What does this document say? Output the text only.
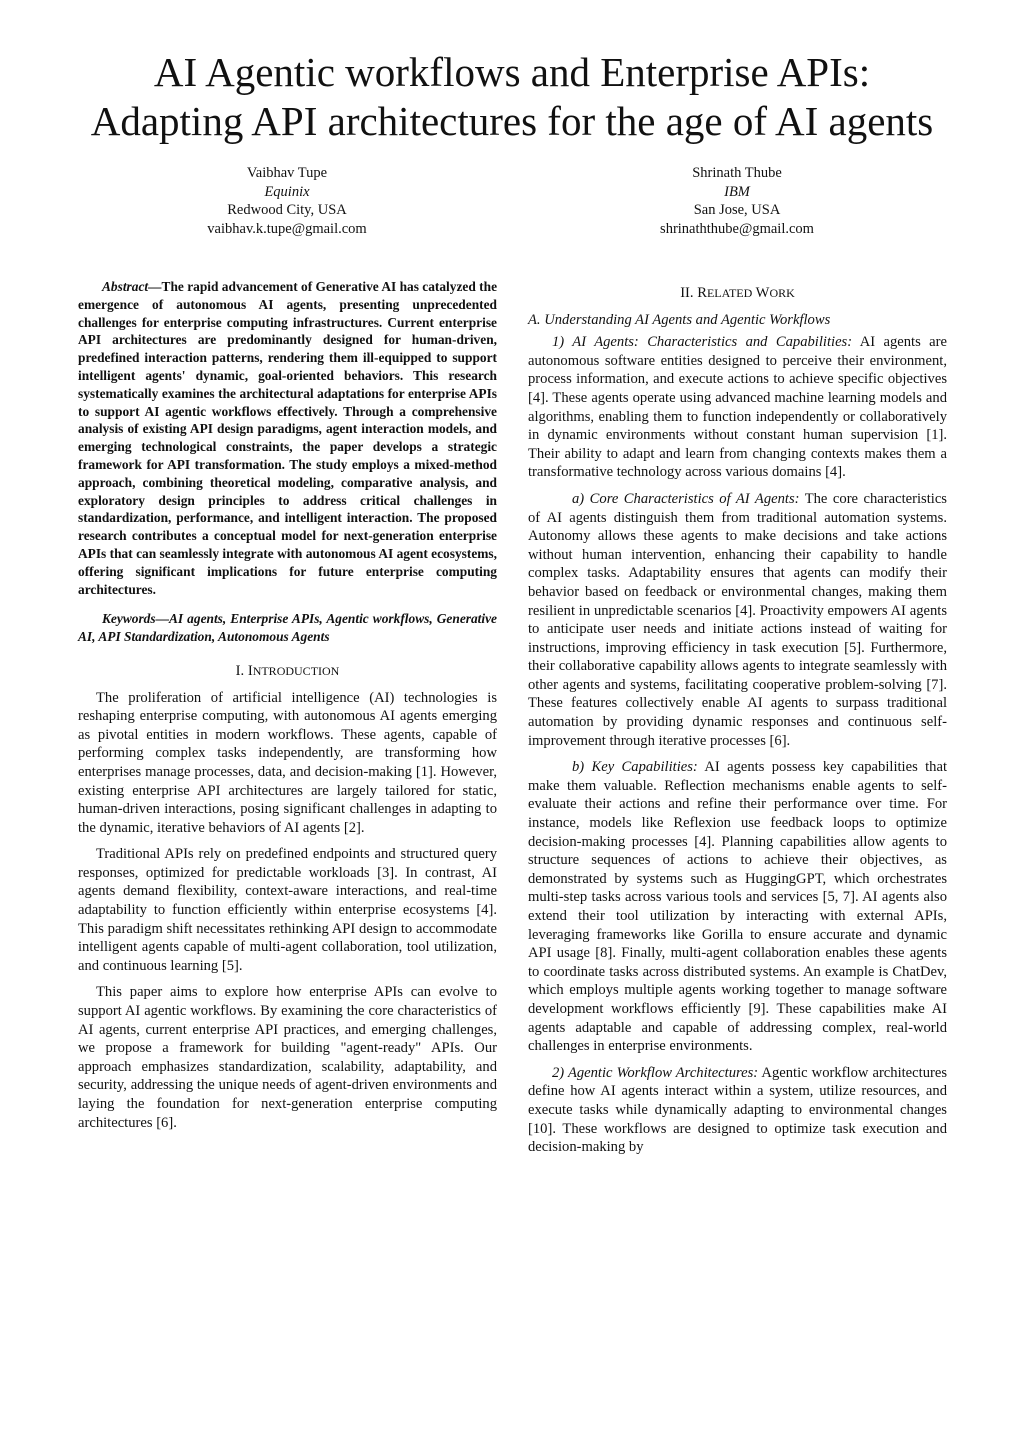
AI Agentic workflows and Enterprise APIs:
Adapting API architectures for the age of AI agents
Vaibhav Tupe
Equinix
Redwood City, USA
vaibhav.k.tupe@gmail.com
Shrinath Thube
IBM
San Jose, USA
shrinaththube@gmail.com

Abstract—The rapid advancement of Generative AI has catalyzed the emergence of autonomous AI agents, presenting unprecedented challenges for enterprise computing infrastructures. Current enterprise API architectures are predominantly designed for human-driven, predefined interaction patterns, rendering them ill-equipped to support intelligent agents' dynamic, goal-oriented behaviors. This research systematically examines the architectural adaptations for enterprise APIs to support AI agentic workflows effectively. Through a comprehensive analysis of existing API design paradigms, agent interaction models, and emerging technological constraints, the paper develops a strategic framework for API transformation. The study employs a mixed-method approach, combining theoretical modeling, comparative analysis, and exploratory design principles to address critical challenges in standardization, performance, and intelligent interaction. The proposed research contributes a conceptual model for next-generation enterprise APIs that can seamlessly integrate with autonomous AI agent ecosystems, offering significant implications for future enterprise computing architectures.

Keywords—AI agents, Enterprise APIs, Agentic workflows, Generative AI, API Standardization, Autonomous Agents

I. INTRODUCTION

The proliferation of artificial intelligence (AI) technologies is reshaping enterprise computing, with autonomous AI agents emerging as pivotal entities in modern workflows. These agents, capable of performing complex tasks independently, are transforming how enterprises manage processes, data, and decision-making [1]. However, existing enterprise API architectures are largely tailored for static, human-driven interactions, posing significant challenges in adapting to the dynamic, iterative behaviors of AI agents [2].

Traditional APIs rely on predefined endpoints and structured query responses, optimized for predictable workloads [3]. In contrast, AI agents demand flexibility, context-aware interactions, and real-time adaptability to function efficiently within enterprise ecosystems [4]. This paradigm shift necessitates rethinking API design to accommodate intelligent agents capable of multi-agent collaboration, tool utilization, and continuous learning [5].

This paper aims to explore how enterprise APIs can evolve to support AI agentic workflows. By examining the core characteristics of AI agents, current enterprise API practices, and emerging challenges, we propose a framework for building "agent-ready" APIs. Our approach emphasizes standardization, scalability, adaptability, and security, addressing the unique needs of agent-driven environments and laying the foundation for next-generation enterprise computing architectures [6].

II. RELATED WORK

A. Understanding AI Agents and Agentic Workflows

1) AI Agents: Characteristics and Capabilities: AI agents are autonomous software entities designed to perceive their environment, process information, and execute actions to achieve specific objectives [4]. These agents operate using advanced machine learning models and algorithms, enabling them to function independently or collaboratively in dynamic environments without constant human supervision [1]. Their ability to adapt and learn from changing contexts makes them a transformative technology across various domains [4].

a) Core Characteristics of AI Agents: The core characteristics of AI agents distinguish them from traditional automation systems. Autonomy allows these agents to make decisions and take actions without human intervention, enhancing their capability to handle complex tasks. Adaptability ensures that agents can modify their behavior based on feedback or environmental changes, making them resilient in unpredictable scenarios [4]. Proactivity empowers AI agents to anticipate user needs and initiate actions instead of waiting for instructions, improving efficiency in task execution [5]. Furthermore, their collaborative capability allows agents to integrate seamlessly with other agents and systems, facilitating cooperative problem-solving [7]. These features collectively enable AI agents to surpass traditional automation by providing dynamic responses and continuous self-improvement through iterative processes [6].

b) Key Capabilities: AI agents possess key capabilities that make them valuable. Reflection mechanisms enable agents to self-evaluate their actions and refine their performance over time. For instance, models like Reflexion use feedback loops to optimize decision-making processes [4]. Planning capabilities allow agents to structure sequences of actions to achieve their objectives, as demonstrated by systems such as HuggingGPT, which orchestrates multi-step tasks across various tools and services [5, 7]. AI agents also extend their tool utilization by interacting with external APIs, leveraging frameworks like Gorilla to ensure accurate and dynamic API usage [8]. Finally, multi-agent collaboration enables these agents to coordinate tasks across distributed systems. An example is ChatDev, which employs multiple agents working together to manage software development workflows efficiently [9]. These capabilities make AI agents adaptable and capable of addressing complex, real-world challenges in enterprise environments.

2) Agentic Workflow Architectures: Agentic workflow architectures define how AI agents interact within a system, utilize resources, and execute tasks while dynamically adapting to environmental changes [10]. These workflows are designed to optimize task execution and decision-making by
